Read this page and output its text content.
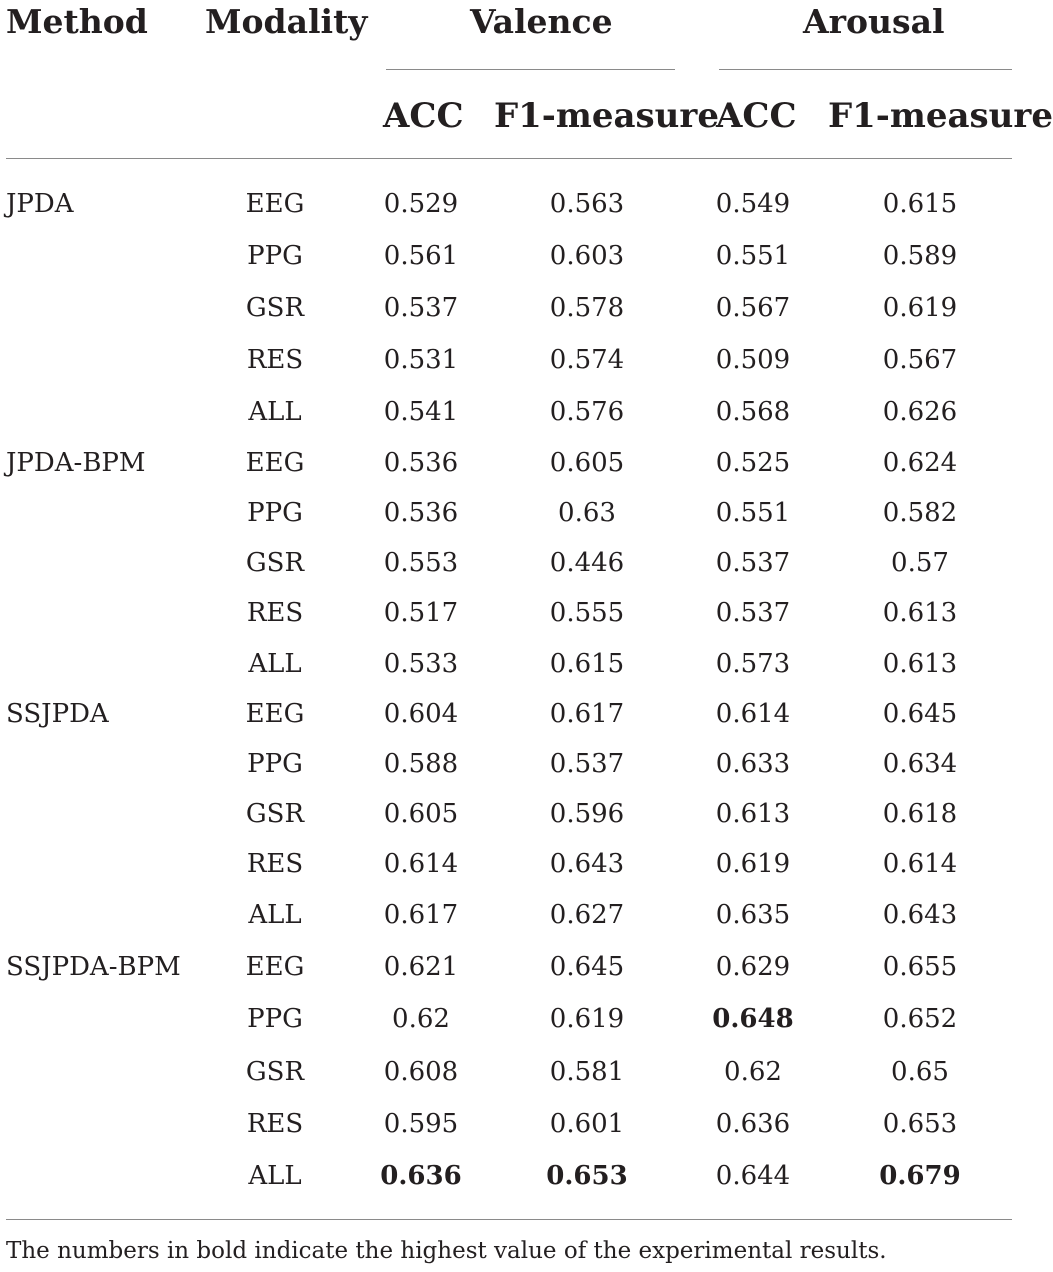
Method Modality	Valence	Arousal
ACC F1-measure
ACC F1-measure
JPDA	EEG	0.529	0.563	0.549	0.615
PPG	0.561	0.603	0.551	0.589
GSR	0.537	0.578	0.567	0.619
RES	0.531	0.574	0.509	0.567
ALL	0.541	0.576	0.568	0.626
JPDA-BPM	EEG	0.536	0.605	0.525	0.624
PPG	0.536	0.63	0.551	0.582
GSR	0.553	0.446	0.537	0.57
RES	0.517	0.555	0.537	0.613
ALL	0.533	0.615	0.573	0.613
SSJPDA	EEG	0.604	0.617	0.614	0.645
PPG	0.588	0.537	0.633	0.634
GSR	0.605	0.596	0.613	0.618
RES	0.614	0.643	0.619	0.614
ALL	0.617	0.627	0.635	0.643
SSJPDA-BPM EEG	0.621	0.645	0.629	0.655
PPG	0.62	0.619	0.648	0.652
GSR	0.608	0.581	0.62	0.65
RES	0.595	0.601	0.636	0.653
ALL	0.636	0.653	0.644	0.679
The numbers in bold indicate the highest value of the experimental results.
